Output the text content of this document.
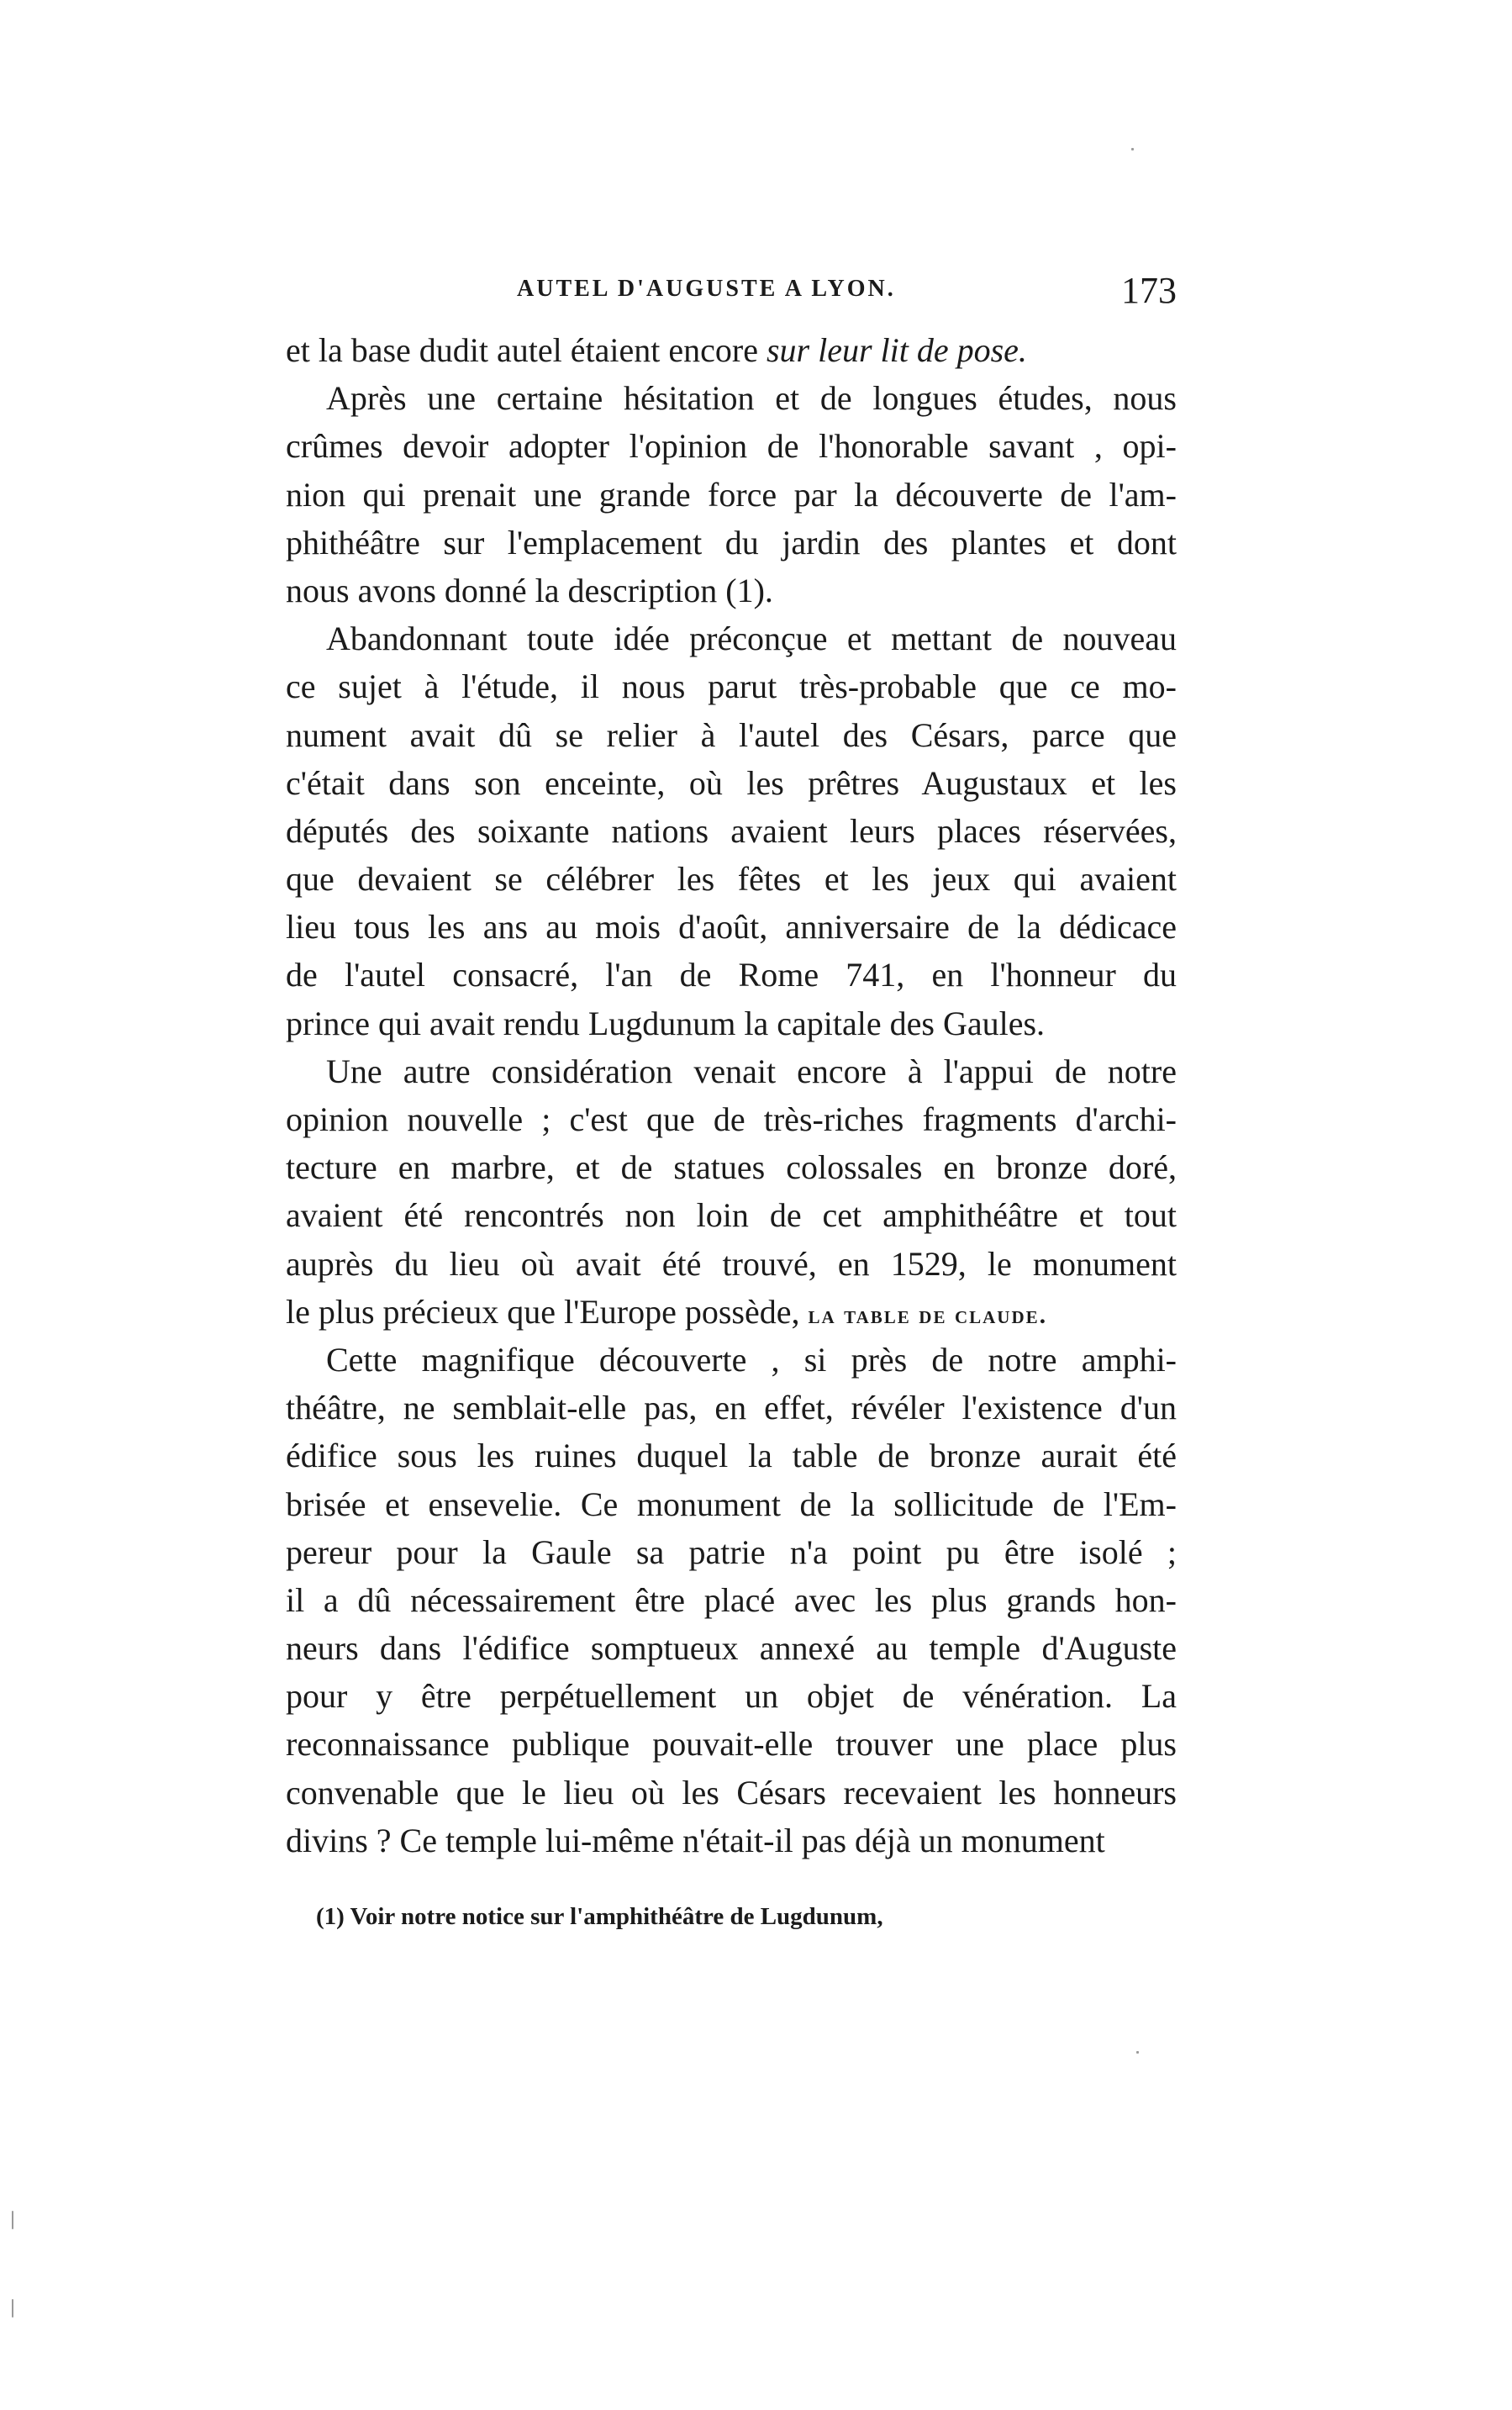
AUTEL D'AUGUSTE A LYON.	173
et la base dudit autel étaient encore sur leur lit de pose.
Après une certaine hésitation et de longues études, nous
crûmes devoir adopter l'opinion de l'honorable savant , opi-
nion qui prenait une grande force par la découverte de l'am-
phithéâtre sur l'emplacement du jardin des plantes et dont
nous avons donné la description (1).
Abandonnant toute idée préconçue et mettant de nouveau
ce sujet à l'étude, il nous parut très-probable que ce mo-
nument avait dû se relier à l'autel des Césars, parce que
c'était dans son enceinte, où les prêtres Augustaux et les
députés des soixante nations avaient leurs places réservées,
que devaient se célébrer les fêtes et les jeux qui avaient
lieu tous les ans au mois d'août, anniversaire de la dédicace
de l'autel consacré, l'an de Rome 741, en l'honneur du
prince qui avait rendu Lugdunum la capitale des Gaules.
Une autre considération venait encore à l'appui de notre
opinion nouvelle ; c'est que de très-riches fragments d'archi-
tecture en marbre, et de statues colossales en bronze doré,
avaient été rencontrés non loin de cet amphithéâtre et tout
auprès du lieu où avait été trouvé, en 1529, le monument
le plus précieux que l'Europe possède, la table de claude.
Cette magnifique découverte , si près de notre amphi-
théâtre, ne semblait-elle pas, en effet, révéler l'existence d'un
édifice sous les ruines duquel la table de bronze aurait été
brisée et ensevelie. Ce monument de la sollicitude de l'Em-
pereur pour la Gaule sa patrie n'a point pu être isolé ;
il a dû nécessairement être placé avec les plus grands hon-
neurs dans l'édifice somptueux annexé au temple d'Auguste
pour y être perpétuellement un objet de vénération. La
reconnaissance publique pouvait-elle trouver une place plus
convenable que le lieu où les Césars recevaient les honneurs
divins ? Ce temple lui-même n'était-il pas déjà un monument
(1) Voir notre notice sur l'amphithéâtre de Lugdunum,
